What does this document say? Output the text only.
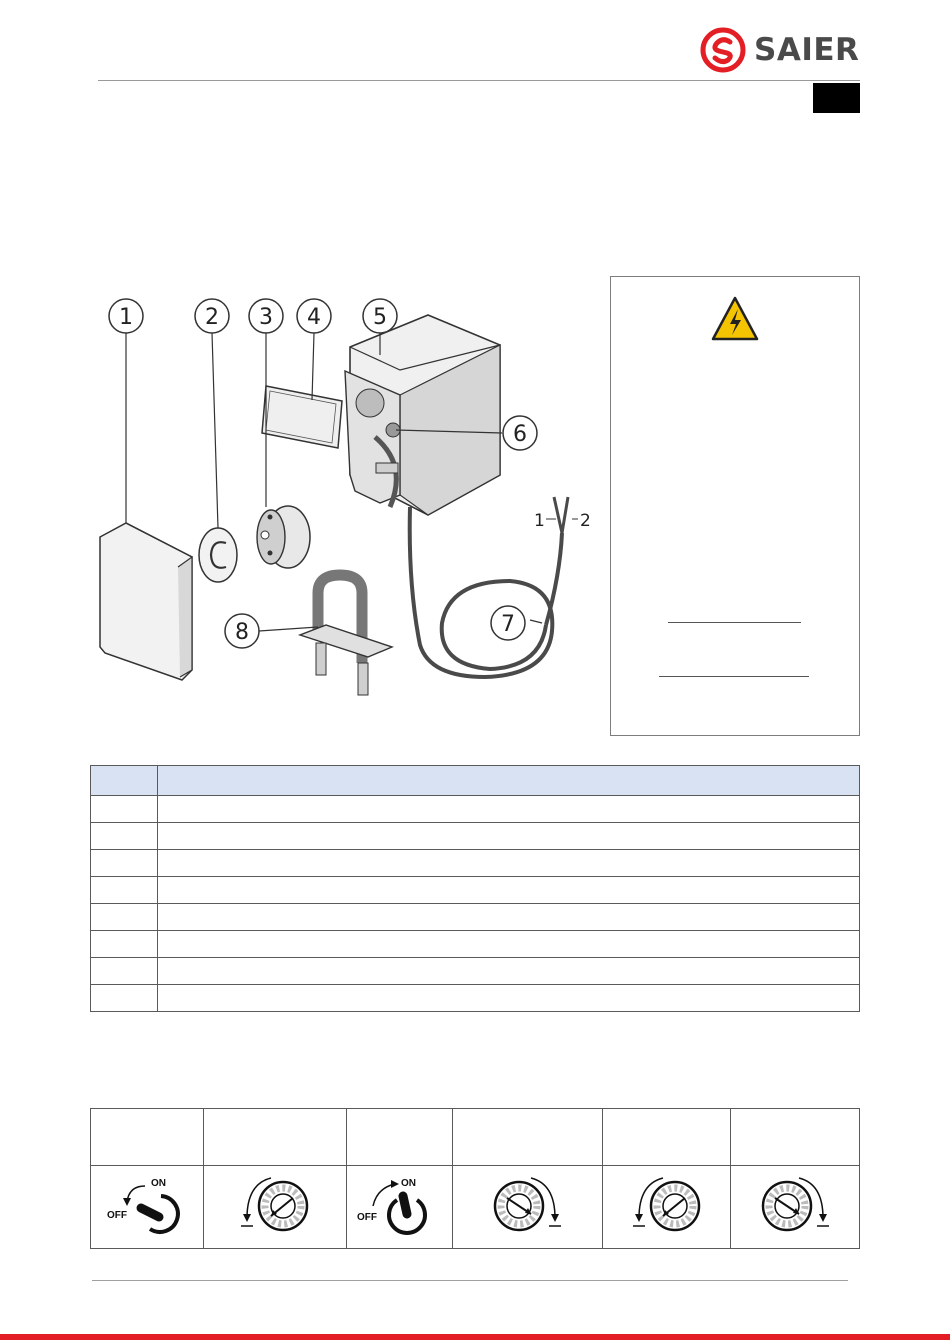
SAIER
1	2 3 4 5
6
7
8
1 2

ON
OFF		ON
OFF
